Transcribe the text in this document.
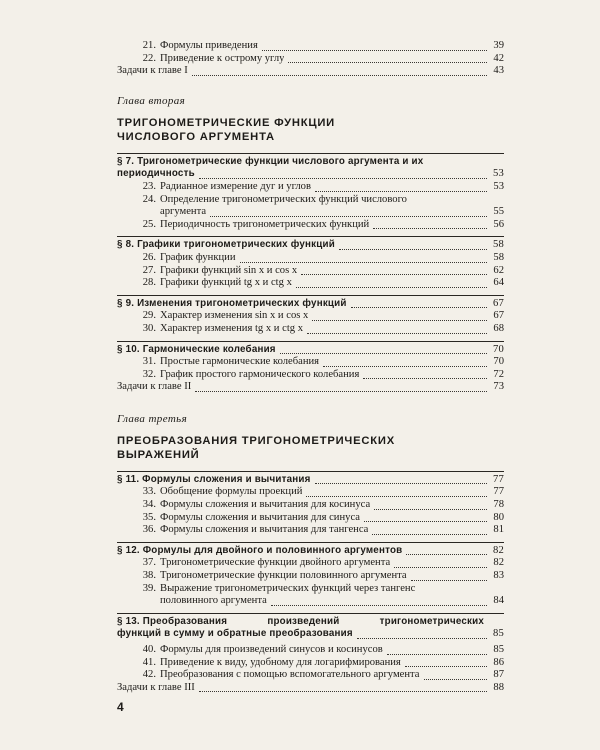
21. Формулы приведения	39
22. Приведение к острому углу	42
Задачи к главе I	43
Глава вторая
ТРИГОНОМЕТРИЧЕСКИЕ ФУНКЦИИ
ЧИСЛОВОГО АРГУМЕНТА
§ 7. Тригонометрические функции числового аргумента и их
периодичность	53
23. Радианное измерение дуг и углов	53
24. Определение тригонометрических функций числового
аргумента	55
25. Периодичность тригонометрических функций	56
§ 8. Графики тригонометрических функций	58
26. График функции	58
27. Графики функций sin x и cos x	62
28. Графики функций tg x и ctg x	64
§ 9. Изменения тригонометрических функций	67
29. Характер изменения sin x и cos x	67
30. Характер изменения tg x и ctg x	68
§ 10. Гармонические колебания	70
31. Простые гармонические колебания	70
32. График простого гармонического колебания	72
Задачи к главе II	73
Глава третья
ПРЕОБРАЗОВАНИЯ ТРИГОНОМЕТРИЧЕСКИХ
ВЫРАЖЕНИЙ
§ 11. Формулы сложения и вычитания	77
33. Обобщение формулы проекций	77
34. Формулы сложения и вычитания для косинуса	78
35. Формулы сложения и вычитания для синуса	80
36. Формулы сложения и вычитания для тангенса	81
§ 12. Формулы для двойного и половинного аргументов	82
37. Тригонометрические функции двойного аргумента	82
38. Тригонометрические функции половинного аргумента	83
39. Выражение тригонометрических функций через тангенс
половинного аргумента	84
§ 13. Преобразования	произведений	тригонометрических
функций в сумму и обратные преобразования	85
40. Формулы для произведений синусов и косинусов	85
41. Приведение к виду, удобному для логарифмирования	86
42. Преобразования с помощью вспомогательного аргумента	87
Задачи к главе III	88
4
